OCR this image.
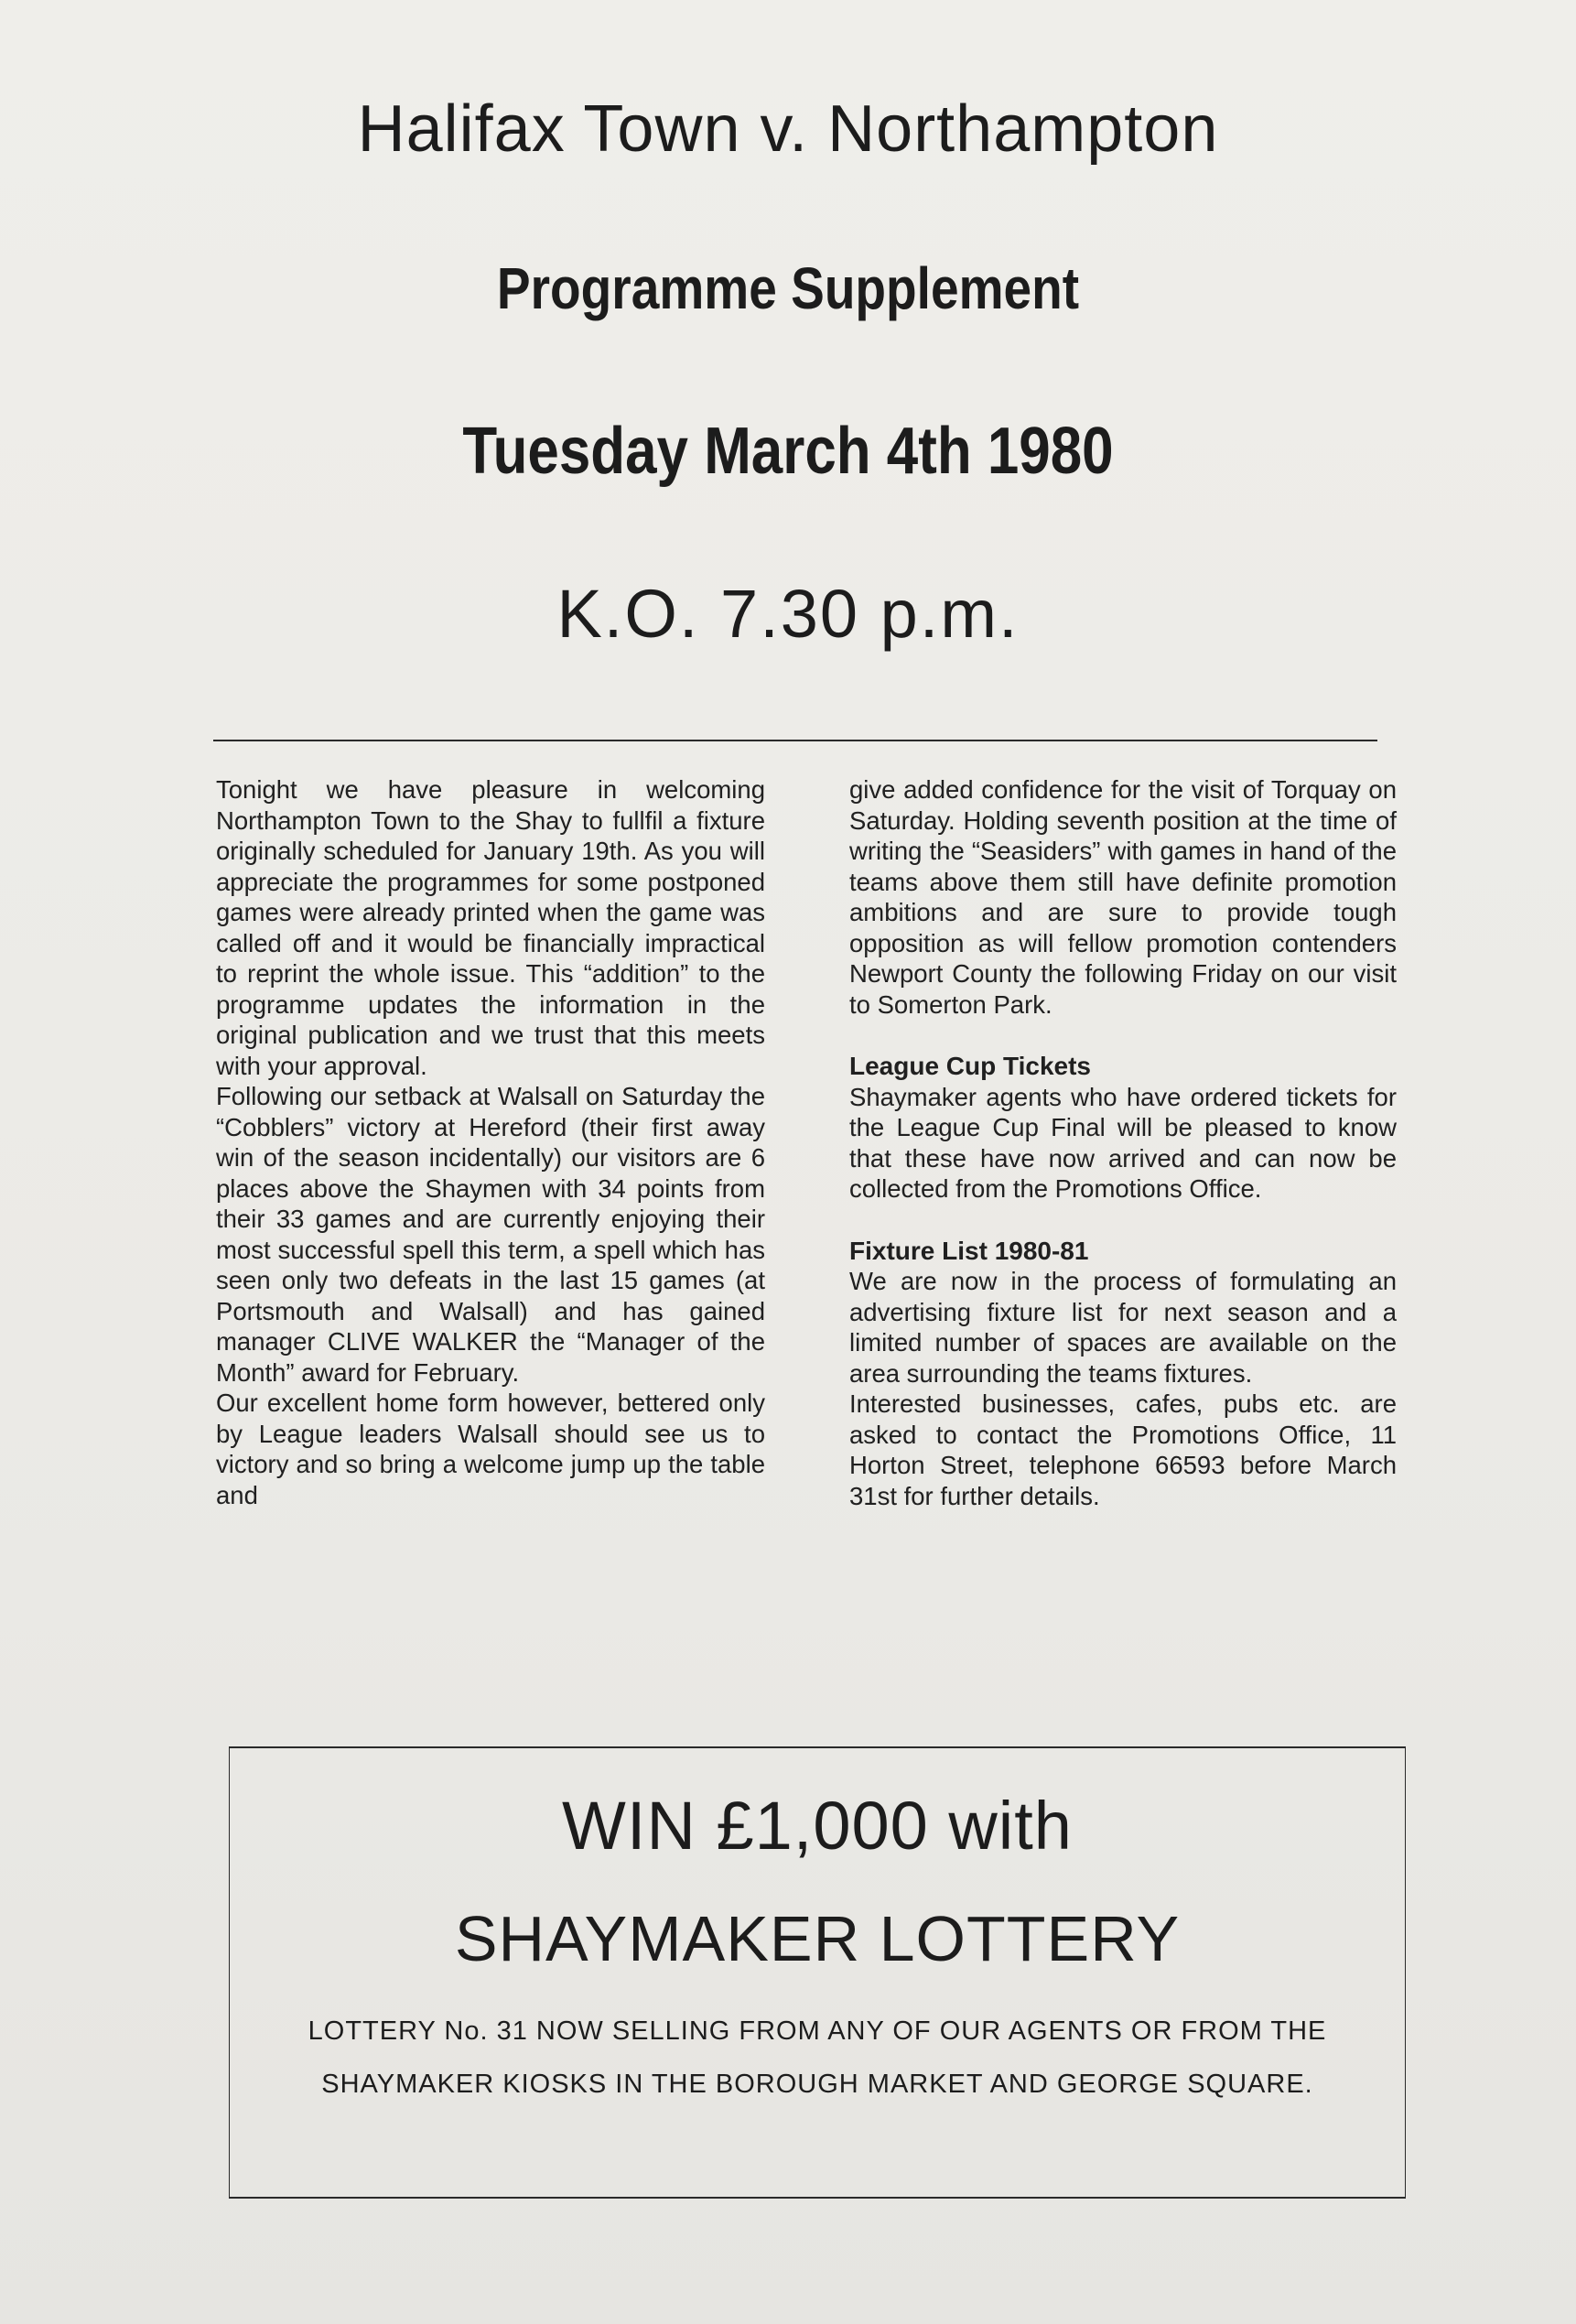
Halifax Town v. Northampton
Programme Supplement
Tuesday March 4th 1980
K.O. 7.30 p.m.

Tonight we have pleasure in welcoming Northampton Town to the Shay to fullfil a fixture originally scheduled for January 19th. As you will appreciate the programmes for some postponed games were already printed when the game was called off and it would be financially impractical to reprint the whole issue. This “addition” to the programme updates the information in the original publication and we trust that this meets with your approval.

Following our setback at Walsall on Saturday the “Cobblers” victory at Hereford (their first away win of the season incidentally) our visitors are 6 places above the Shaymen with 34 points from their 33 games and are currently enjoying their most successful spell this term, a spell which has seen only two defeats in the last 15 games (at Portsmouth and Walsall) and has gained manager CLIVE WALKER the “Manager of the Month” award for February.

Our excellent home form however, bettered only by League leaders Walsall should see us to victory and so bring a welcome jump up the table and

give added confidence for the visit of Torquay on Saturday. Holding seventh position at the time of writing the “Seasiders” with games in hand of the teams above them still have definite promotion ambitions and are sure to provide tough opposition as will fellow promotion contenders Newport County the following Friday on our visit to Somerton Park.

League Cup Tickets

Shaymaker agents who have ordered tickets for the League Cup Final will be pleased to know that these have now arrived and can now be collected from the Promotions Office.

Fixture List 1980-81

We are now in the process of formulating an advertising fixture list for next season and a limited number of spaces are available on the area surrounding the teams fixtures.

Interested businesses, cafes, pubs etc. are asked to contact the Promotions Office, 11 Horton Street, telephone 66593 before March 31st for further details.

WIN £1,000 with
SHAYMAKER LOTTERY
LOTTERY No. 31 NOW SELLING FROM ANY OF OUR AGENTS OR FROM THE SHAYMAKER KIOSKS IN THE BOROUGH MARKET AND GEORGE SQUARE.
